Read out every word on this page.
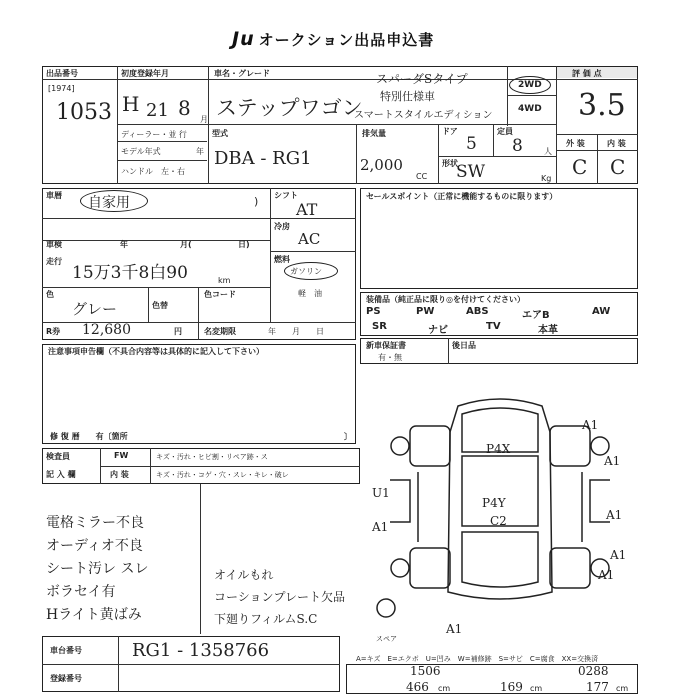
Ju オークション出品申込書
出品番号
[1974]
1053
初度登録年月
H 21 8 月
車名・グレード
ステップワゴン
スパーダSタイプ
特別仕様車
スマートスタイルエディション
2WD
4WD
ディーラー・並 行
モデル年式	年
ハンドル　左・右
型式
DBA - RG1
排気量
2,000
CC
ドア
5
定員
8	人
形状
SW	Kg
評 価 点
3.5
外 装	内 装
C C
車暦 自家用	)
車検	年	月(	日)
走行
15万3千8白90	km
色
グレー	色替
色コード
R券 12,680	円	名変期限	年　　月　　日
シフト
AT
冷房
AC
燃料
ガソリン
軽　油
セールスポイント（正常に機能するものに限ります）
装備品（純正品に限り◎を付けてください）
PS	PW	ABS	エアB	AW
SR	ナビ	TV	本革
新車保証書
有・無
後日品
注意事項申告欄（不具合内容等は具体的に記入して下さい）
修 復 暦　　有〔箇所	〕
検査員
記 入 欄
FW
内 装
キズ・汚れ・ヒビ割・リペア跡・ス
キズ・汚れ・コゲ・穴・スレ・キレ・破レ
電格ミラー不良
オーディオ不良
シート汚レ スレ
ボラセイ有
Hライト黄ばみ
オイルもれ
コーションプレート欠品
下廻りフィルムS.C
A1
A1
A1
A1
A1
U1
A1
P4X
P4Y
C2
A1
スペア
車台番号	RG1 - 1358766
登録番号
A=キズ　E=エクボ　U=凹み　W=補修跡　S=サビ　C=腐食　XX=交換済
1506	0288
466 cm	169 cm	177 cm
